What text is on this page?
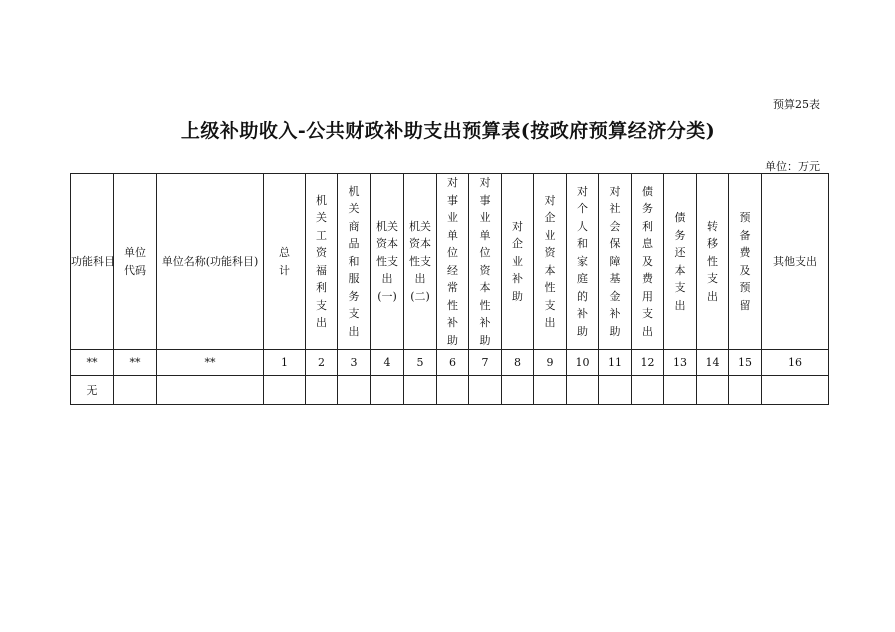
预算25表
上级补助收入-公共财政补助支出预算表(按政府预算经济分类)
单位：万元
功能科目	单位代码	单位名称(功能科目)	总计	机关工资福利支出	机关商品和服务支出	机关资本性支出(一)	机关资本性支出(二)	对事业单位经常性补助	对事业单位资本性补助	对企业补助	对企业资本性支出	对个人和家庭的补助	对社会保障基金补助	债务利息及费用支出	债务还本支出	转移性支出	预备费及预留	其他支出
**	**	**	1	2	3	4	5	6	7	8	9	10	11	12	13	14	15	16
无																		
